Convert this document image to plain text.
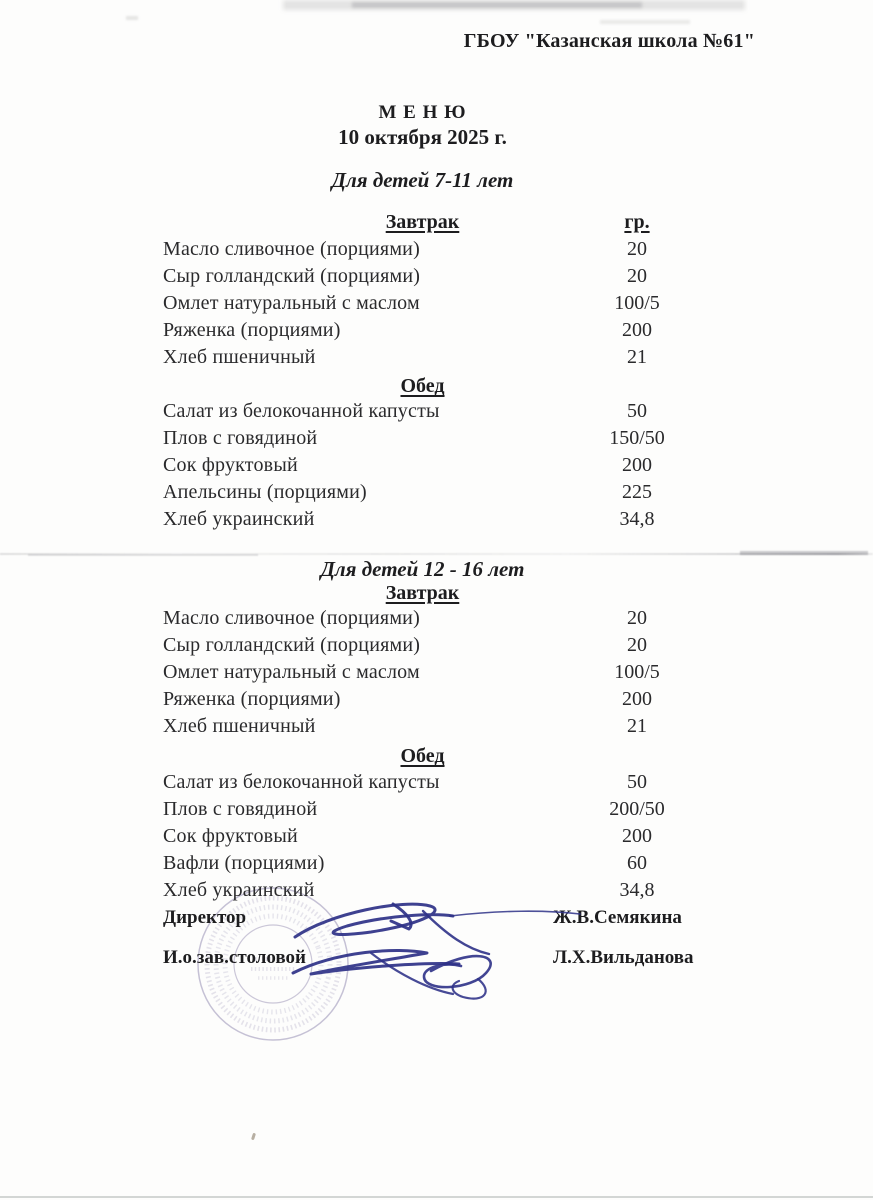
ГБОУ "Казанская школа №61"
М Е Н Ю
10 октября 2025 г.
Для детей 7-11 лет
Завтрак	гр.
Масло сливочное (порциями)	20
Сыр голландский (порциями)	20
Омлет натуральный с маслом	100/5
Ряженка (порциями)	200
Хлеб пшеничный	21
Обед
Салат из белокочанной капусты	50
Плов с говядиной	150/50
Сок фруктовый	200
Апельсины (порциями)	225
Хлеб украинский	34,8
Для детей 12 - 16 лет
Завтрак
Масло сливочное (порциями)	20
Сыр голландский (порциями)	20
Омлет натуральный с маслом	100/5
Ряженка (порциями)	200
Хлеб пшеничный	21
Обед
Салат из белокочанной капусты	50
Плов с говядиной	200/50
Сок фруктовый	200
Вафли (порциями)	60
Хлеб украинский	34,8
Директор	Ж.В.Семякина
И.о.зав.столовой	Л.Х.Вильданова
